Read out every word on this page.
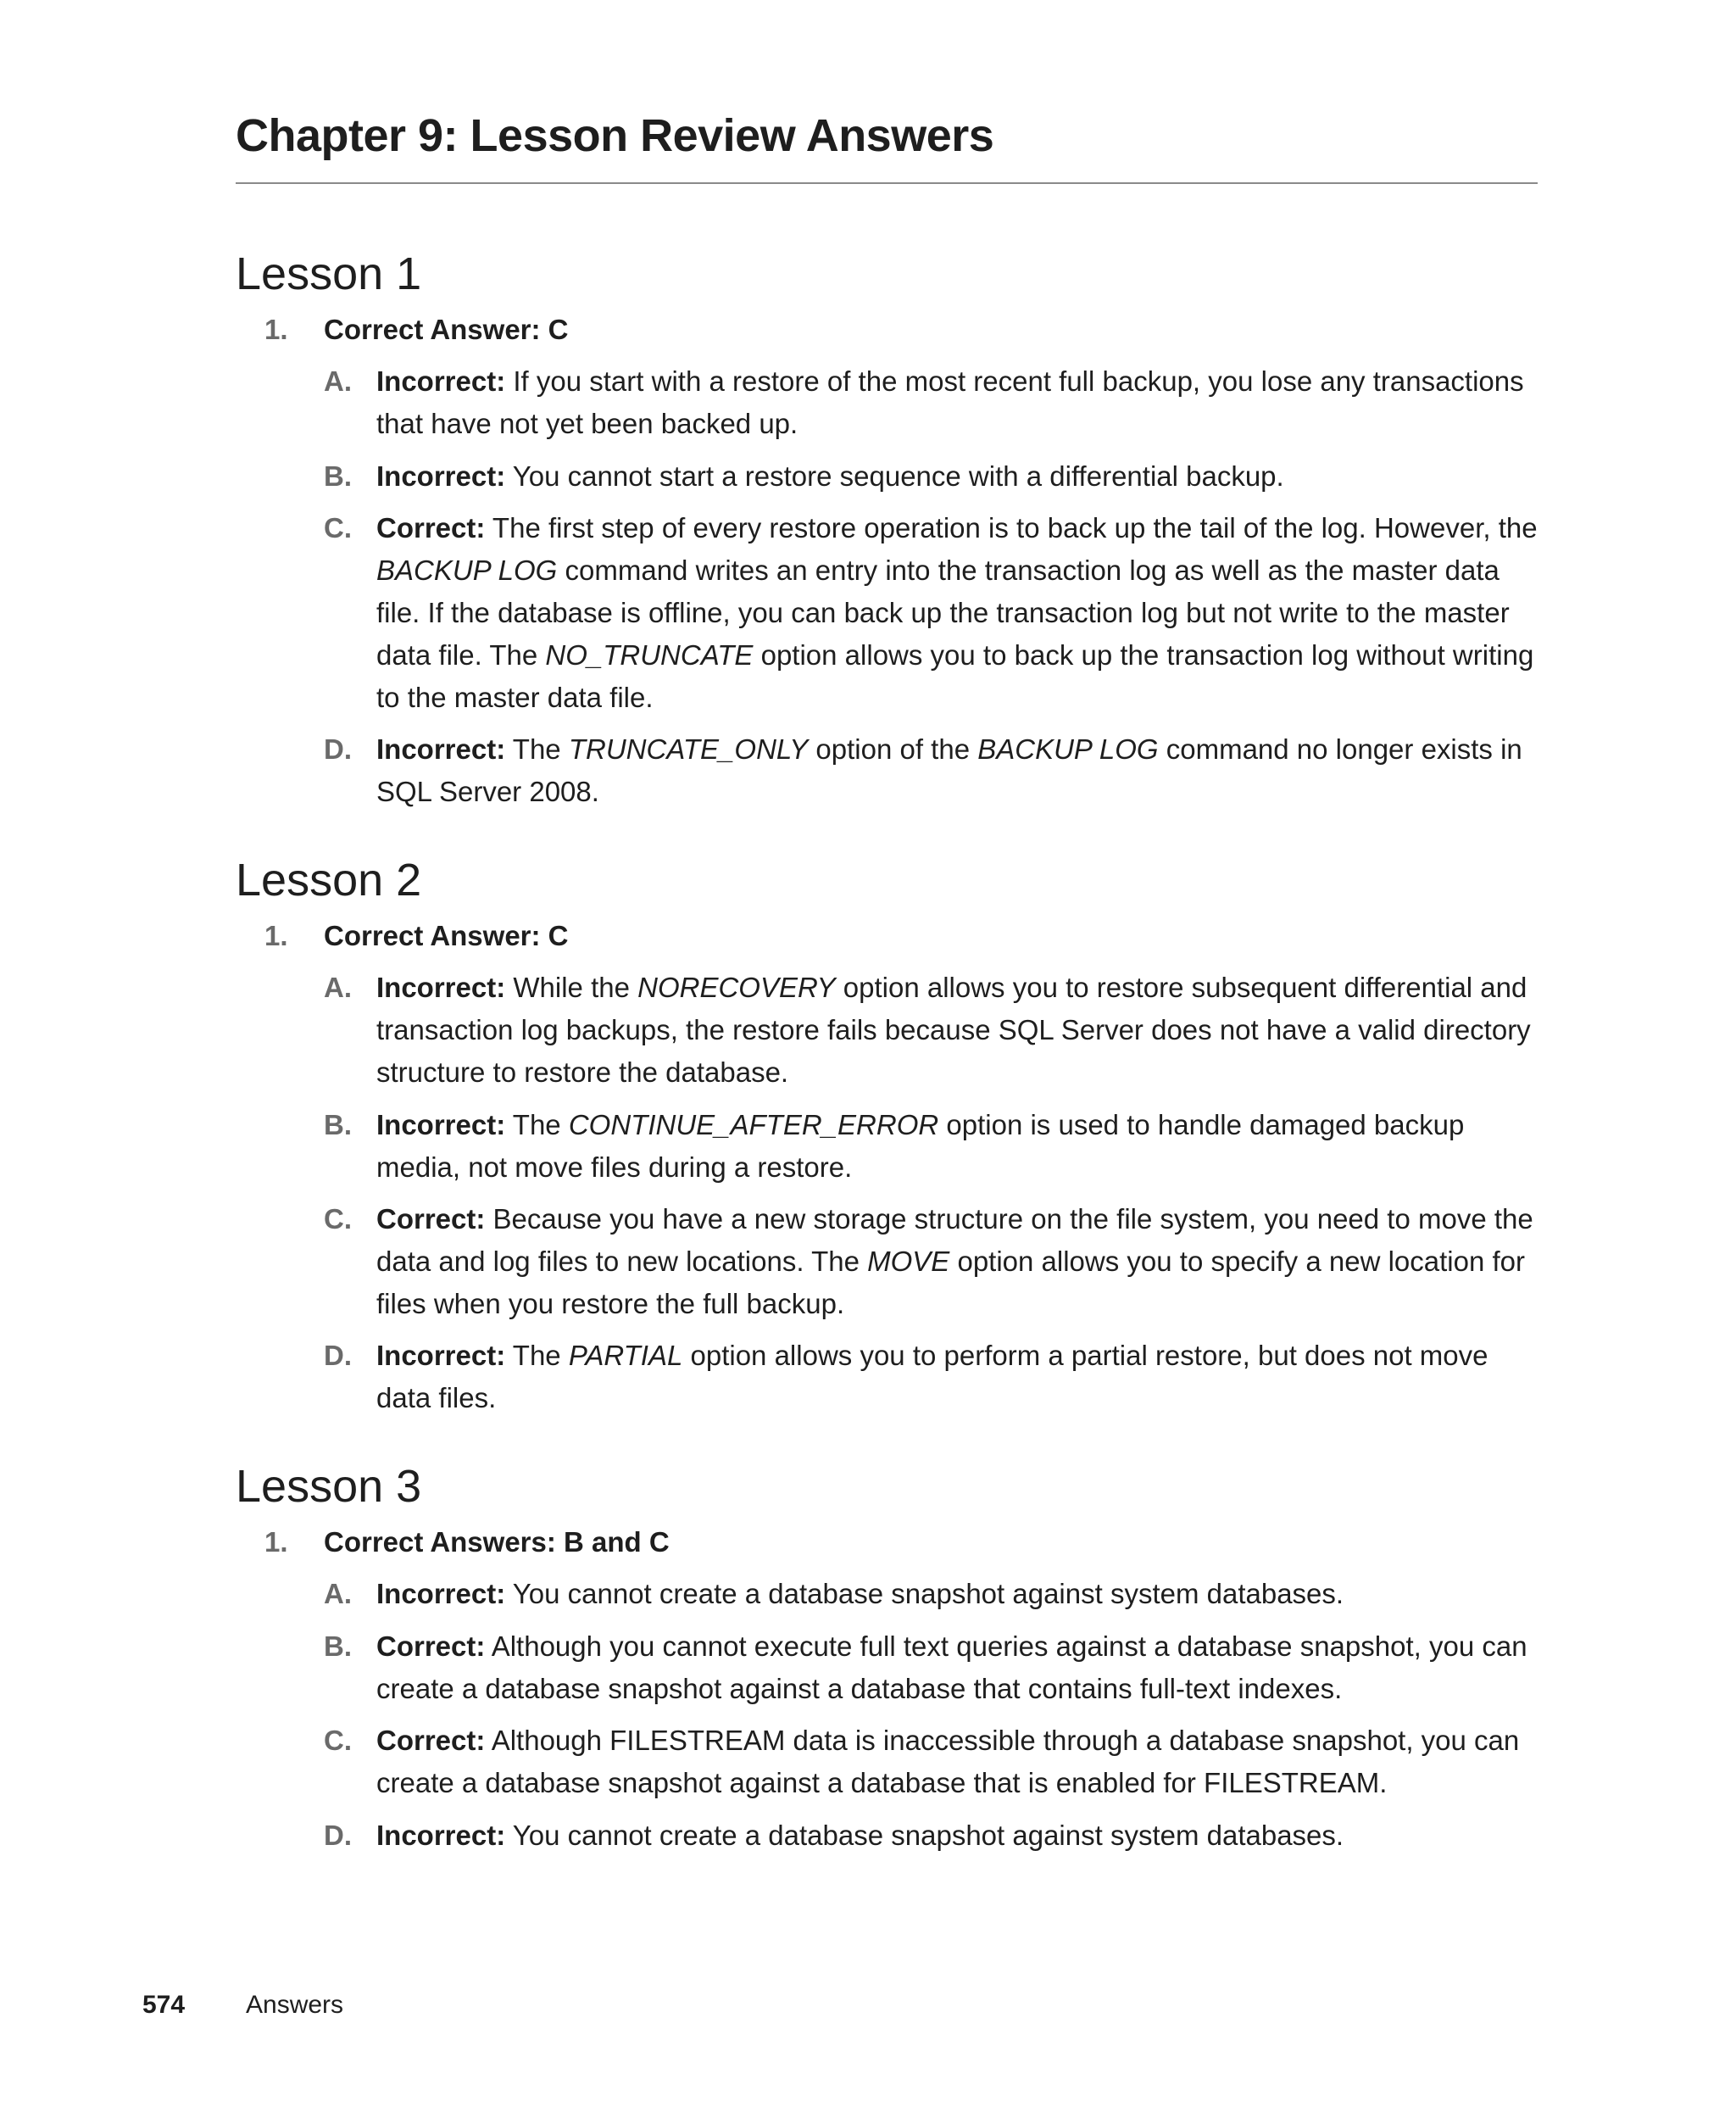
Chapter 9: Lesson Review Answers
Lesson 1
1. Correct Answer: C
A. Incorrect: If you start with a restore of the most recent full backup, you lose any transactions that have not yet been backed up.
B. Incorrect: You cannot start a restore sequence with a differential backup.
C. Correct: The first step of every restore operation is to back up the tail of the log. However, the BACKUP LOG command writes an entry into the transaction log as well as the master data file. If the database is offline, you can back up the transaction log but not write to the master data file. The NO_TRUNCATE option allows you to back up the transaction log without writing to the master data file.
D. Incorrect: The TRUNCATE_ONLY option of the BACKUP LOG command no longer exists in SQL Server 2008.
Lesson 2
1. Correct Answer: C
A. Incorrect: While the NORECOVERY option allows you to restore subsequent differential and transaction log backups, the restore fails because SQL Server does not have a valid directory structure to restore the database.
B. Incorrect: The CONTINUE_AFTER_ERROR option is used to handle damaged backup media, not move files during a restore.
C. Correct: Because you have a new storage structure on the file system, you need to move the data and log files to new locations. The MOVE option allows you to specify a new location for files when you restore the full backup.
D. Incorrect: The PARTIAL option allows you to perform a partial restore, but does not move data files.
Lesson 3
1. Correct Answers: B and C
A. Incorrect: You cannot create a database snapshot against system databases.
B. Correct: Although you cannot execute full text queries against a database snapshot, you can create a database snapshot against a database that contains full-text indexes.
C. Correct: Although FILESTREAM data is inaccessible through a database snapshot, you can create a database snapshot against a database that is enabled for FILESTREAM.
D. Incorrect: You cannot create a database snapshot against system databases.
574 Answers
